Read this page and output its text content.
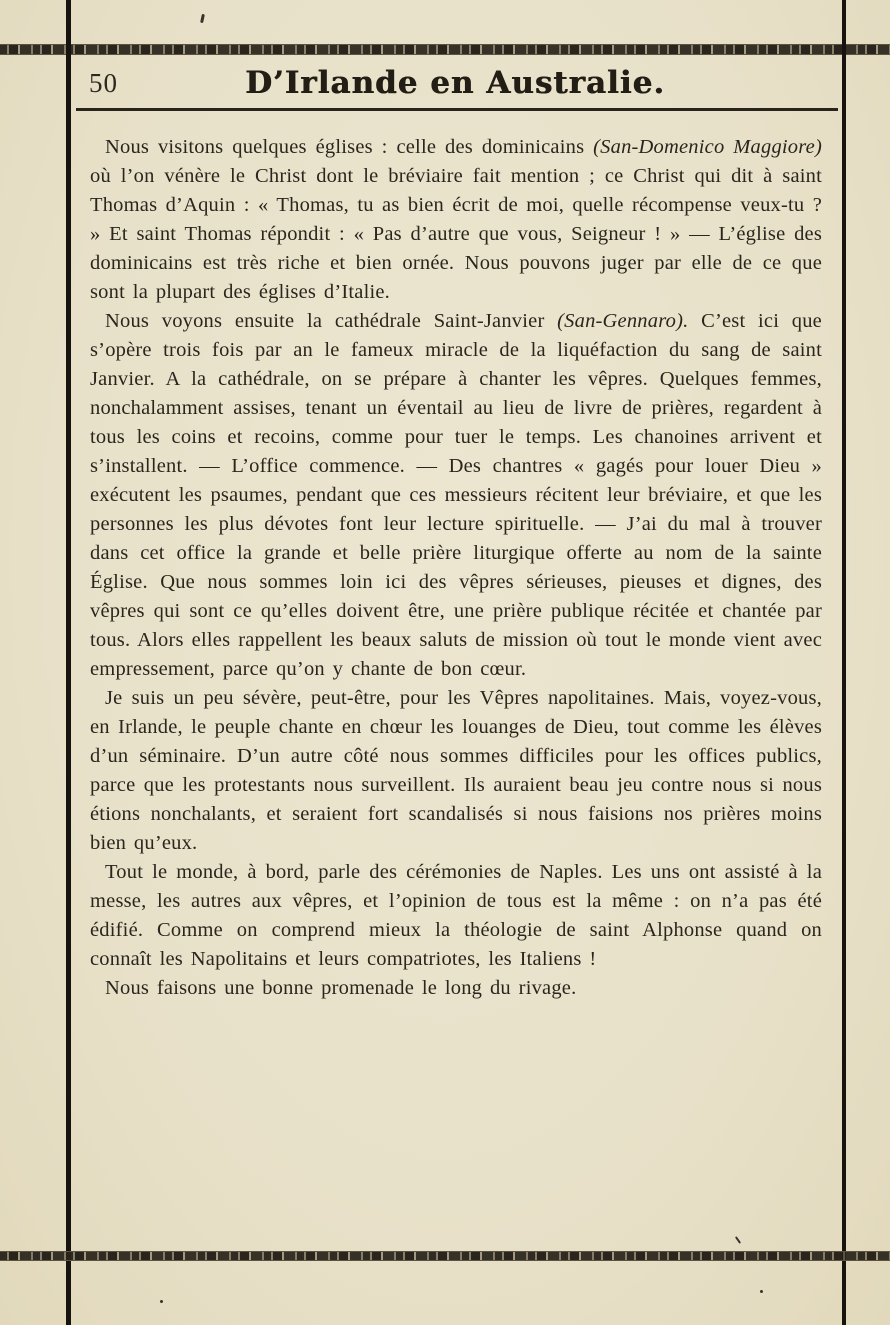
50	D’Irlande en Australie.

Nous visitons quelques églises : celle des dominicains (San-Domenico Maggiore) où l’on vénère le Christ dont le bréviaire fait mention ; ce Christ qui dit à saint Thomas d’Aquin : « Thomas, tu as bien écrit de moi, quelle récompense veux-tu ? » Et saint Thomas répondit : « Pas d’autre que vous, Seigneur ! » — L’église des dominicains est très riche et bien ornée. Nous pouvons juger par elle de ce que sont la plupart des églises d’Italie.

Nous voyons ensuite la cathédrale Saint-Janvier (San-Gennaro). C’est ici que s’opère trois fois par an le fameux miracle de la liquéfaction du sang de saint Janvier. A la cathédrale, on se prépare à chanter les vêpres. Quelques femmes, nonchalamment assises, tenant un éventail au lieu de livre de prières, regardent à tous les coins et recoins, comme pour tuer le temps. Les chanoines arrivent et s’installent. — L’office commence. — Des chantres « gagés pour louer Dieu » exécutent les psaumes, pendant que ces messieurs récitent leur bréviaire, et que les personnes les plus dévotes font leur lecture spirituelle. — J’ai du mal à trouver dans cet office la grande et belle prière liturgique offerte au nom de la sainte Église. Que nous sommes loin ici des vêpres sérieuses, pieuses et dignes, des vêpres qui sont ce qu’elles doivent être, une prière publique récitée et chantée par tous. Alors elles rappellent les beaux saluts de mission où tout le monde vient avec empressement, parce qu’on y chante de bon cœur.

Je suis un peu sévère, peut-être, pour les Vêpres napolitaines. Mais, voyez-vous, en Irlande, le peuple chante en chœur les louanges de Dieu, tout comme les élèves d’un séminaire. D’un autre côté nous sommes difficiles pour les offices publics, parce que les protestants nous surveillent. Ils auraient beau jeu contre nous si nous étions nonchalants, et seraient fort scandalisés si nous faisions nos prières moins bien qu’eux.

Tout le monde, à bord, parle des cérémonies de Naples. Les uns ont assisté à la messe, les autres aux vêpres, et l’opinion de tous est la même : on n’a pas été édifié. Comme on comprend mieux la théologie de saint Alphonse quand on connaît les Napolitains et leurs compatriotes, les Italiens !

Nous faisons une bonne promenade le long du rivage.
